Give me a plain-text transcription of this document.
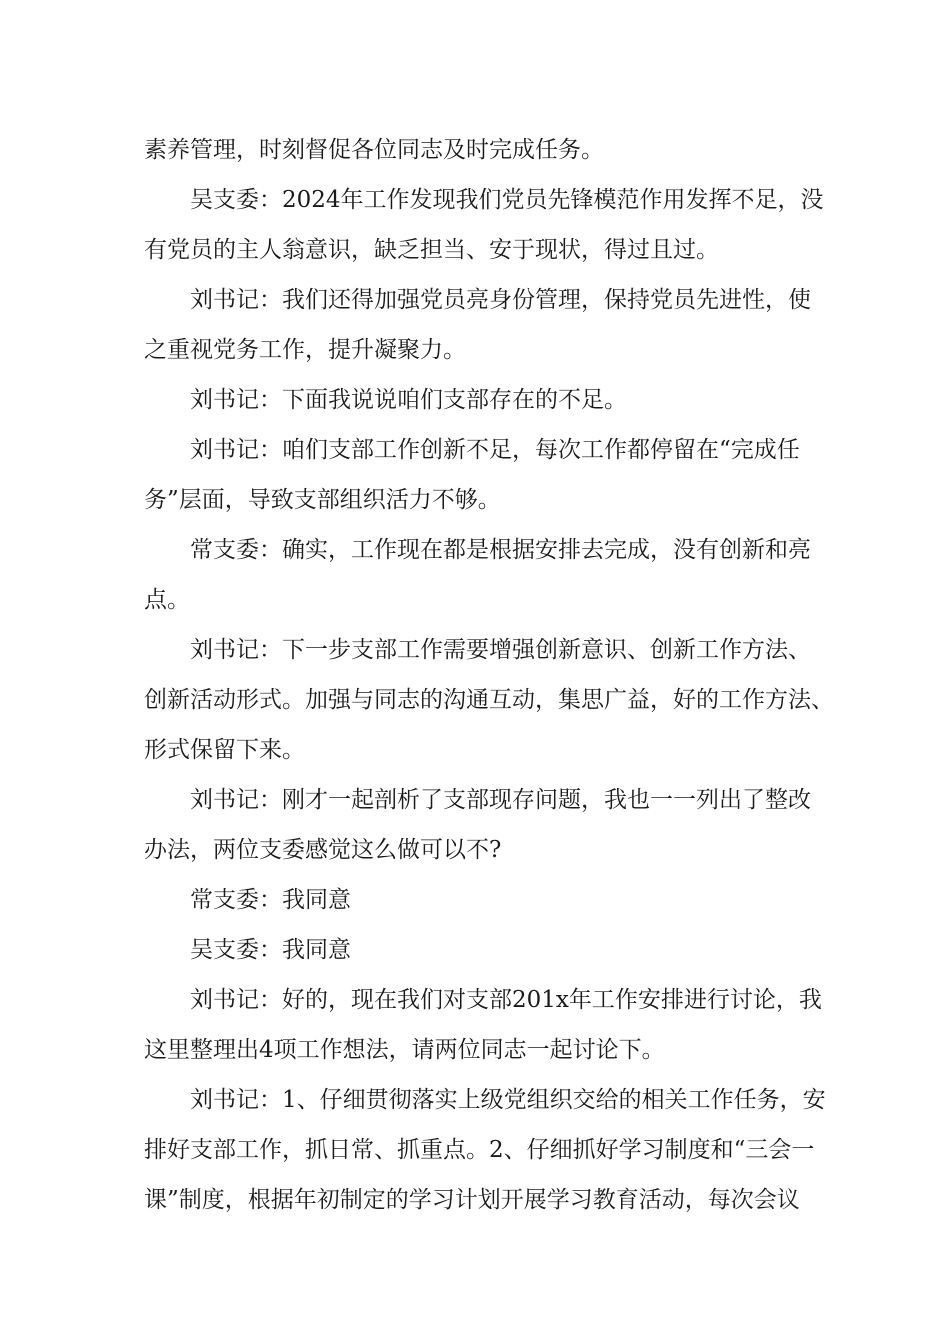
素养管理，时刻督促各位同志及时完成任务。
吴支委：2024年工作发现我们党员先锋模范作用发挥不足，没
有党员的主人翁意识，缺乏担当、安于现状，得过且过。
刘书记：我们还得加强党员亮身份管理，保持党员先进性，使
之重视党务工作，提升凝聚力。
刘书记：下面我说说咱们支部存在的不足。
刘书记：咱们支部工作创新不足，每次工作都停留在“完成任
务”层面，导致支部组织活力不够。
常支委：确实，工作现在都是根据安排去完成，没有创新和亮
点。
刘书记：下一步支部工作需要增强创新意识、创新工作方法、
创新活动形式。加强与同志的沟通互动，集思广益，好的工作方法、
形式保留下来。
刘书记：刚才一起剖析了支部现存问题，我也一一列出了整改
办法，两位支委感觉这么做可以不?
常支委：我同意
吴支委：我同意
刘书记：好的，现在我们对支部201x年工作安排进行讨论，我
这里整理出4项工作想法，请两位同志一起讨论下。
刘书记：1、仔细贯彻落实上级党组织交给的相关工作任务，安
排好支部工作，抓日常、抓重点。2、仔细抓好学习制度和“三会一
课”制度，根据年初制定的学习计划开展学习教育活动，每次会议
